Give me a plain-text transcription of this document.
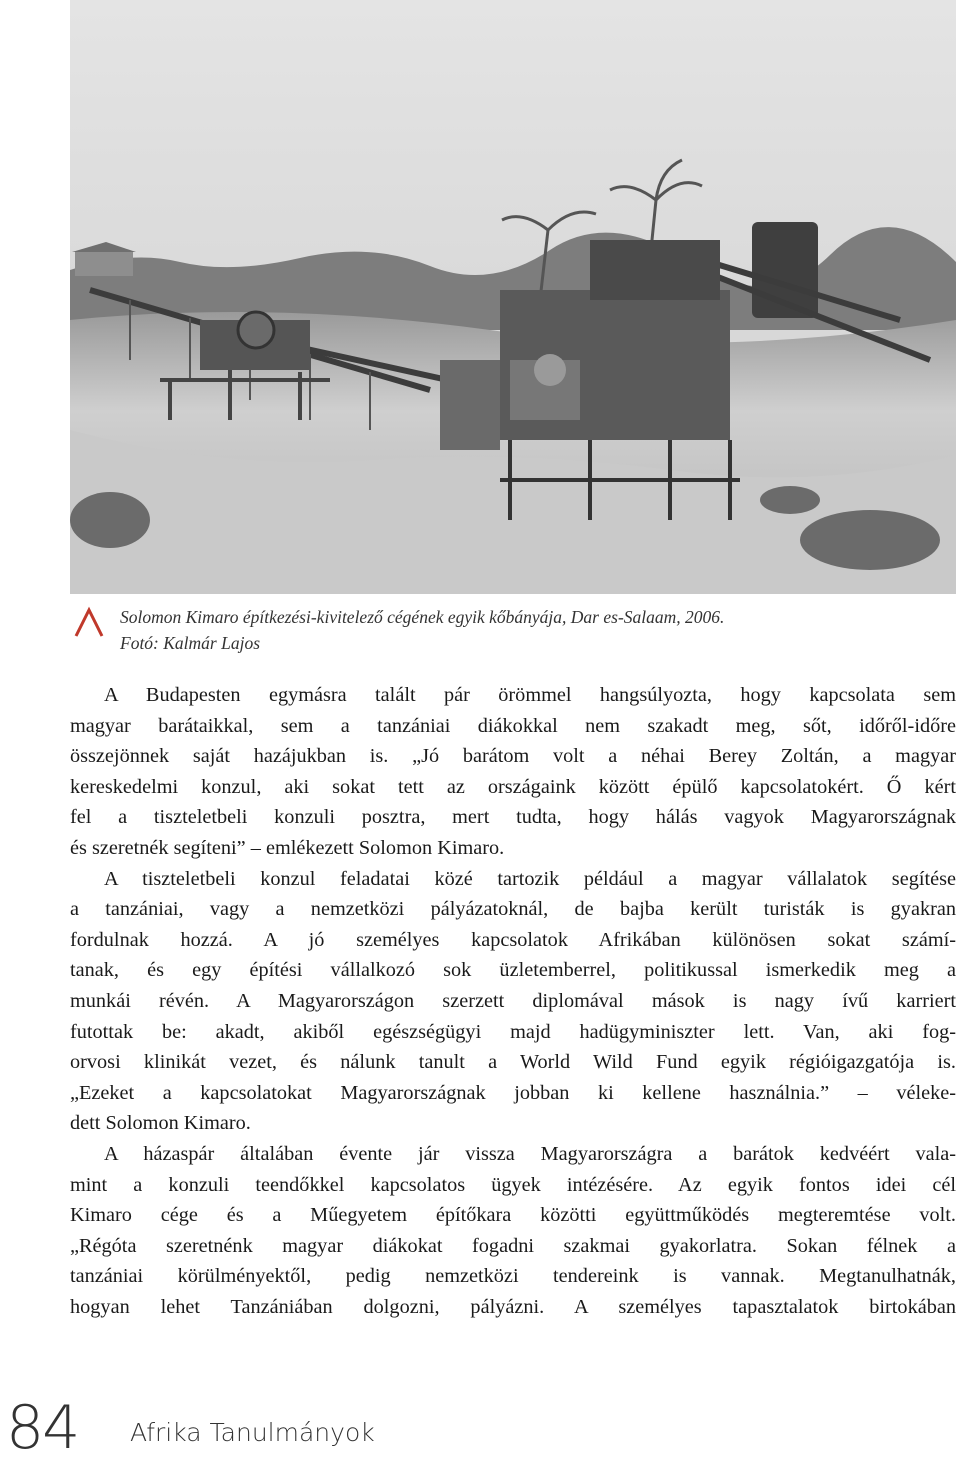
Solomon Kimaro építkezési-kivitelező cégének egyik kőbányája, Dar es-Salaam, 2006.
Fotó: Kalmár Lajos
A Budapesten egymásra talált pár örömmel hangsúlyozta, hogy kapcsolata sem
magyar barátaikkal, sem a tanzániai diákokkal nem szakadt meg, sőt, időről-időre
összejönnek saját hazájukban is. „Jó barátom volt a néhai Berey Zoltán, a magyar
kereskedelmi konzul, aki sokat tett az országaink között épülő kapcsolatokért. Ő kért
fel a tiszteletbeli konzuli posztra, mert tudta, hogy hálás vagyok Magyarországnak
és szeretnék segíteni” – emlékezett Solomon Kimaro.
A tiszteletbeli konzul feladatai közé tartozik például a magyar vállalatok segítése
a tanzániai, vagy a nemzetközi pályázatoknál, de bajba került turisták is gyakran
fordulnak hozzá. A jó személyes kapcsolatok Afrikában különösen sokat számí-
tanak, és egy építési vállalkozó sok üzletemberrel, politikussal ismerkedik meg a
munkái révén. A Magyarországon szerzett diplomával mások is nagy ívű karriert
futottak be: akadt, akiből egészségügyi majd hadügyminiszter lett. Van, aki fog-
orvosi klinikát vezet, és nálunk tanult a World Wild Fund egyik régióigazgatója is.
„Ezeket a kapcsolatokat Magyarországnak jobban ki kellene használnia.” – véleke-
dett Solomon Kimaro.
A házaspár általában évente jár vissza Magyarországra a barátok kedvéért vala-
mint a konzuli teendőkkel kapcsolatos ügyek intézésére. Az egyik fontos idei cél
Kimaro cége és a Műegyetem építőkara közötti együttműködés megteremtése volt.
„Régóta szeretnénk magyar diákokat fogadni szakmai gyakorlatra. Sokan félnek a
tanzániai körülményektől, pedig nemzetközi tendereink is vannak. Megtanulhatnák,
hogyan lehet Tanzániában dolgozni, pályázni. A személyes tapasztalatok birtokában
84 Afrika Tanulmányok
